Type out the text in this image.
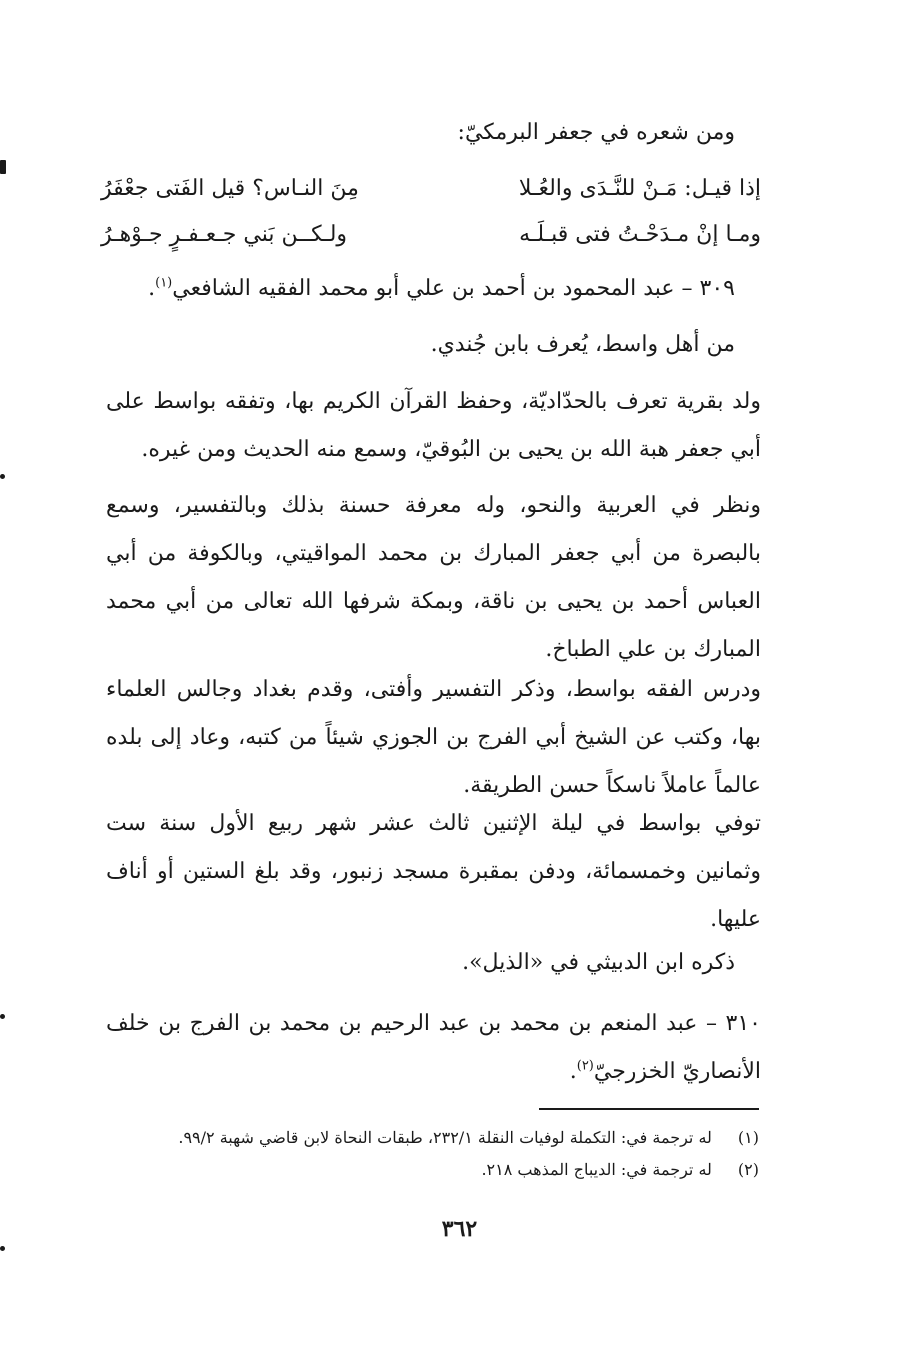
ومن شعره في جعفر البرمكيّ:
إذا قيـل: مَـنْ للنَّـدَى والعُـلا
مِنَ النـاس؟ قيل الفَتى جعْفَرُ
ومـا إنْ مـدَحْـتُ فتى قبـلَـه
ولـكــن بَني جـعـفـرٍ جـوْهـرُ
٣٠٩ – عبد المحمود بن أحمد بن علي أبو محمد الفقيه الشافعي$^{(١)}$.
من أهل واسط، يُعرف بابن جُندي.
ولد بقرية تعرف بالحدّاديّة، وحفظ القرآن الكريم بها، وتفقه بواسط على أبي جعفر هبة الله بن يحيى بن البُوقيّ، وسمع منه الحديث ومن غيره.
ونظر في العربية والنحو، وله معرفة حسنة بذلك وبالتفسير، وسمع بالبصرة من أبي جعفر المبارك بن محمد المواقيتي، وبالكوفة من أبي العباس أحمد بن يحيى بن ناقة، وبمكة شرفها الله تعالى من أبي محمد المبارك بن علي الطباخ.
ودرس الفقه بواسط، وذكر التفسير وأفتى، وقدم بغداد وجالس العلماء بها، وكتب عن الشيخ أبي الفرج بن الجوزي شيئاً من كتبه، وعاد إلى بلده عالماً عاملاً ناسكاً حسن الطريقة.
توفي بواسط في ليلة الإثنين ثالث عشر شهر ربيع الأول سنة ست وثمانين وخمسمائة، ودفن بمقبرة مسجد زنبور، وقد بلغ الستين أو أناف عليها.
ذكره ابن الدبيثي في «الذيل».
٣١٠ – عبد المنعم بن محمد بن عبد الرحيم بن محمد بن الفرج بن خلف الأنصاريّ الخزرجيّ$^{(٢)}$.
(١)له ترجمة في: التكملة لوفيات النقلة ٢٣٢/١، طبقات النحاة لابن قاضي شهبة ٩٩/٢.
(٢)له ترجمة في: الديباج المذهب ٢١٨.
٣٦٢
